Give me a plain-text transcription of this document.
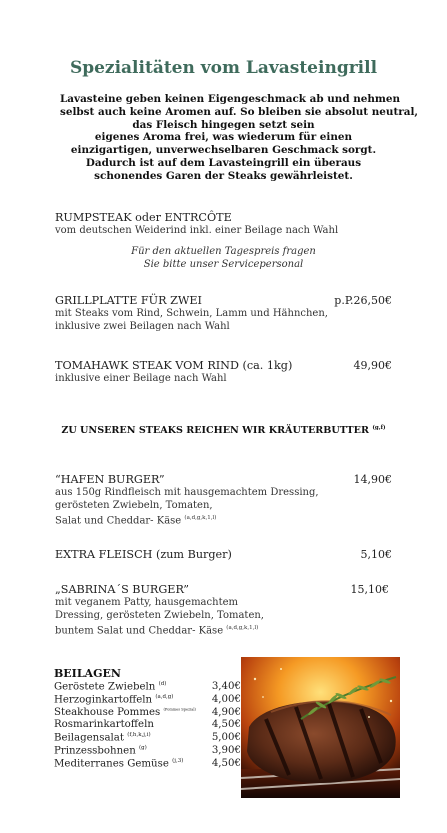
Spezialitäten vom Lavasteingrill
Lavasteine geben keinen Eigengeschmack ab und nehmen
selbst auch keine Aromen auf. So bleiben sie absolut neutral,
das Fleisch hingegen setzt sein
eigenes Aroma frei, was wiederum für einen
einzigartigen, unverwechselbaren Geschmack sorgt.
Dadurch ist auf dem Lavasteingrill ein überaus
schonendes Garen der Steaks gewährleistet.
RUMPSTEAK oder ENTRCÔTE
vom deutschen Weiderind inkl. einer Beilage nach Wahl
Für den aktuellen Tagespreis fragen
Sie bitte unser Servicepersonal
GRILLPLATTE FÜR ZWEI	p.P.26,50€
mit Steaks vom Rind, Schwein, Lamm und Hähnchen,
inklusive zwei Beilagen nach Wahl
TOMAHAWK STEAK VOM RIND (ca. 1kg)	49,90€
inklusive einer Beilage nach Wahl
ZU UNSEREN STEAKS REICHEN WIR KRÄUTERBUTTER $^{(g,f)}$
“HAFEN BURGER”	14,90€
aus 150g Rindfleisch mit hausgemachtem Dressing,
gerösteten Zwiebeln, Tomaten,
Salat und Cheddar- Käse $^{(a,d,g,k,1,l)}$
EXTRA FLEISCH (zum Burger)	5,10€
„SABRINA´S BURGER”	15,10€
mit veganem Patty, hausgemachtem
Dressing, gerösteten Zwiebeln, Tomaten,
buntem Salat und Cheddar- Käse $^{(a,d,g,k,1,l)}$
BEILAGEN
Geröstete Zwiebeln $^{(d)}$	3,40€
Herzoginkartoffeln $^{(a,d,g)}$	4,00€
Steakhouse Pommes $^{(Pommes Spezial)}$ 4,90€
Rosmarinkartoffeln	4,50€
Beilagensalat $^{(f,h,k,j,i)}$	5,00€
Prinzessbohnen $^{(g)}$	3,90€
Mediterranes Gemüse $^{(j,3)}$	4,50€
